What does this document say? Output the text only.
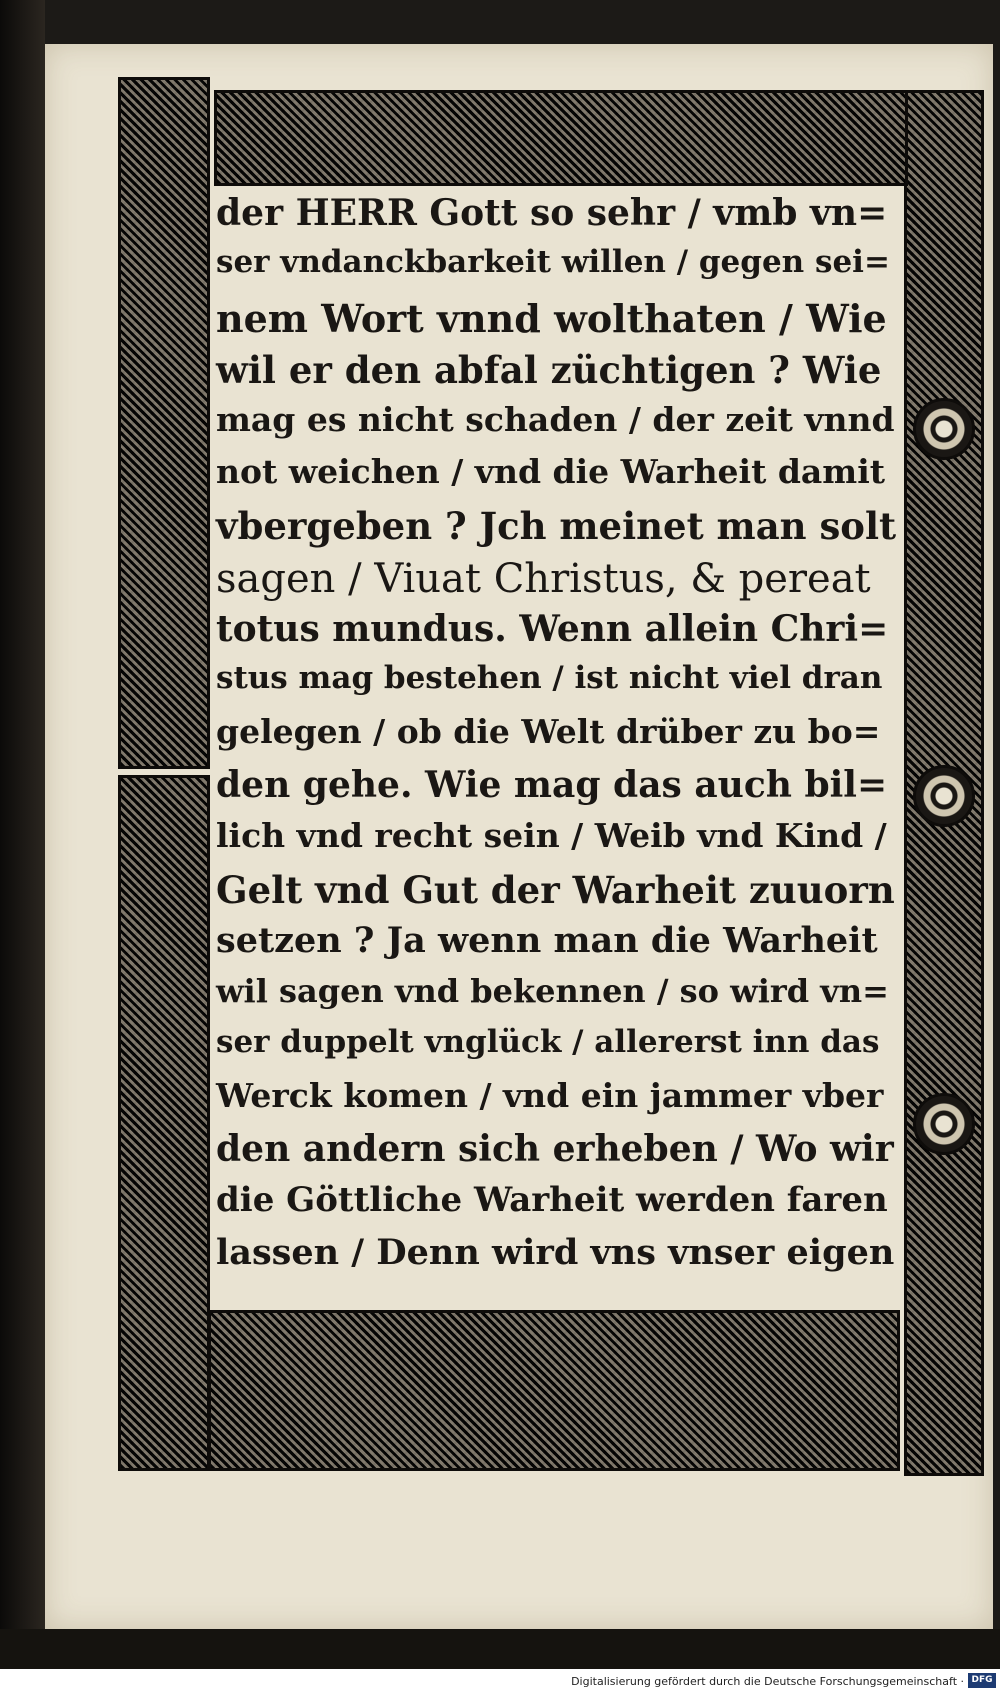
der HERR Gott so sehr / vmb vn=
ser vndanckbarkeit willen / gegen sei=
nem Wort vnnd wolthaten / Wie
wil er den abfal züchtigen ? Wie
mag es nicht schaden / der zeit vnnd
not weichen / vnd die Warheit damit
vbergeben ? Jch meinet man solt
sagen / Viuat Christus, & pereat
totus mundus. Wenn allein Chri=
stus mag bestehen / ist nicht viel dran
gelegen / ob die Welt drüber zu bo=
den gehe. Wie mag das auch bil=
lich vnd recht sein / Weib vnd Kind /
Gelt vnd Gut der Warheit zuuorn
setzen ? Ja wenn man die Warheit
wil sagen vnd bekennen / so wird vn=
ser duppelt vnglück / allererst inn das
Werck komen / vnd ein jammer vber
den andern sich erheben / Wo wir
die Göttliche Warheit werden faren
lassen / Denn wird vns vnser eigen
Digitalisierung gefördert durch die Deutsche Forschungsgemeinschaft · DFG
